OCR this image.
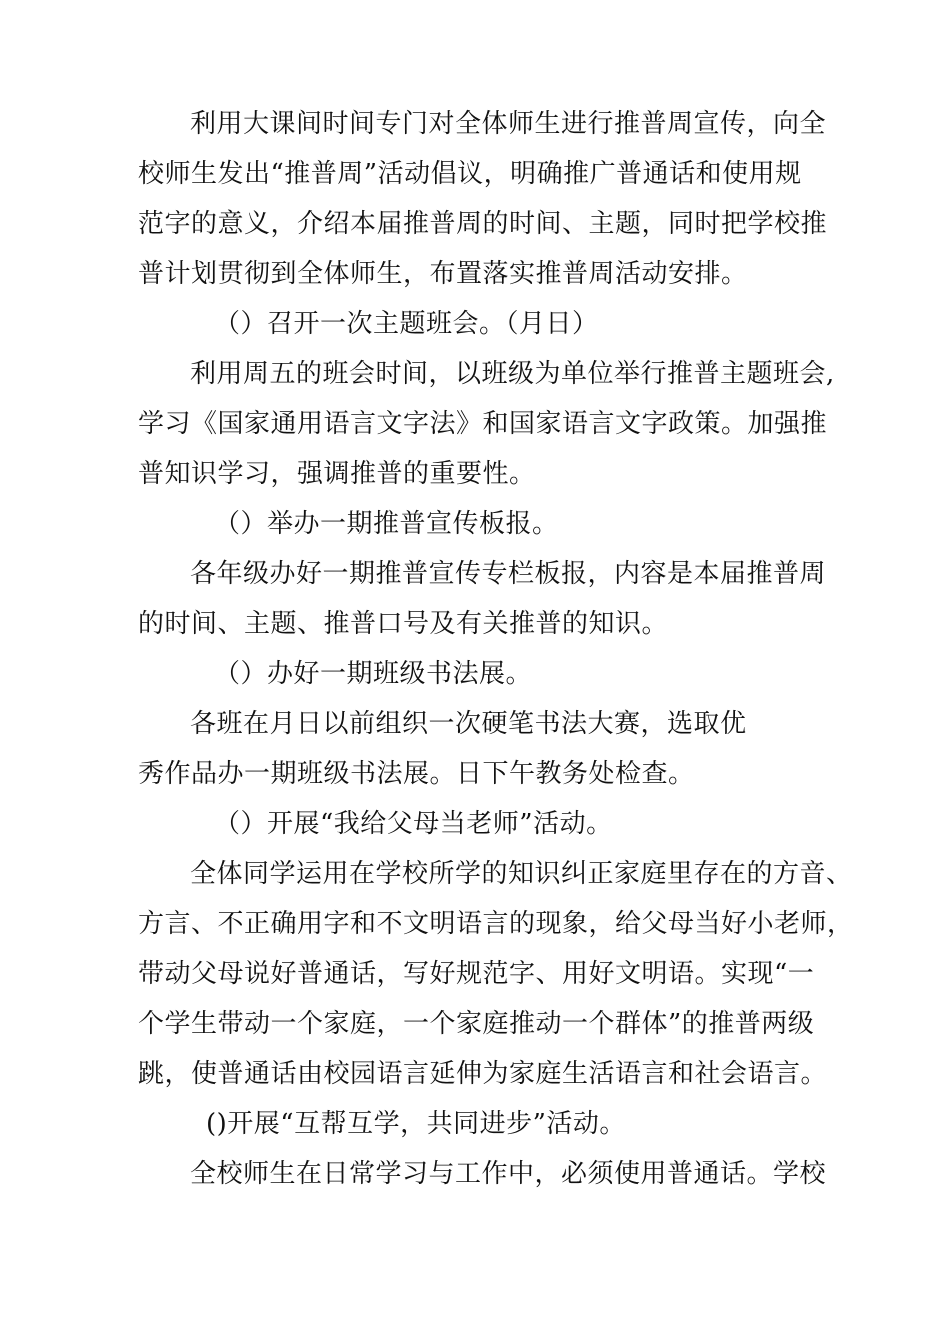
利用大课间时间专门对全体师生进行推普周宣传，向全
校师生发出“推普周”活动倡议，明确推广普通话和使用规
范字的意义，介绍本届推普周的时间、主题，同时把学校推
普计划贯彻到全体师生，布置落实推普周活动安排。
（）召开一次主题班会。（月日）
利用周五的班会时间，以班级为单位举行推普主题班会,
学习《国家通用语言文字法》和国家语言文字政策。加强推
普知识学习，强调推普的重要性。
（）举办一期推普宣传板报。
各年级办好一期推普宣传专栏板报，内容是本届推普周
的时间、主题、推普口号及有关推普的知识。
（）办好一期班级书法展。
各班在月日以前组织一次硬笔书法大赛，选取优
秀作品办一期班级书法展。日下午教务处检查。
（）开展“我给父母当老师”活动。
全体同学运用在学校所学的知识纠正家庭里存在的方音、
方言、不正确用字和不文明语言的现象，给父母当好小老师，
带动父母说好普通话，写好规范字、用好文明语。实现“一
个学生带动一个家庭，一个家庭推动一个群体”的推普两级
跳，使普通话由校园语言延伸为家庭生活语言和社会语言。
()开展“互帮互学，共同进步”活动。
全校师生在日常学习与工作中，必须使用普通话。学校
